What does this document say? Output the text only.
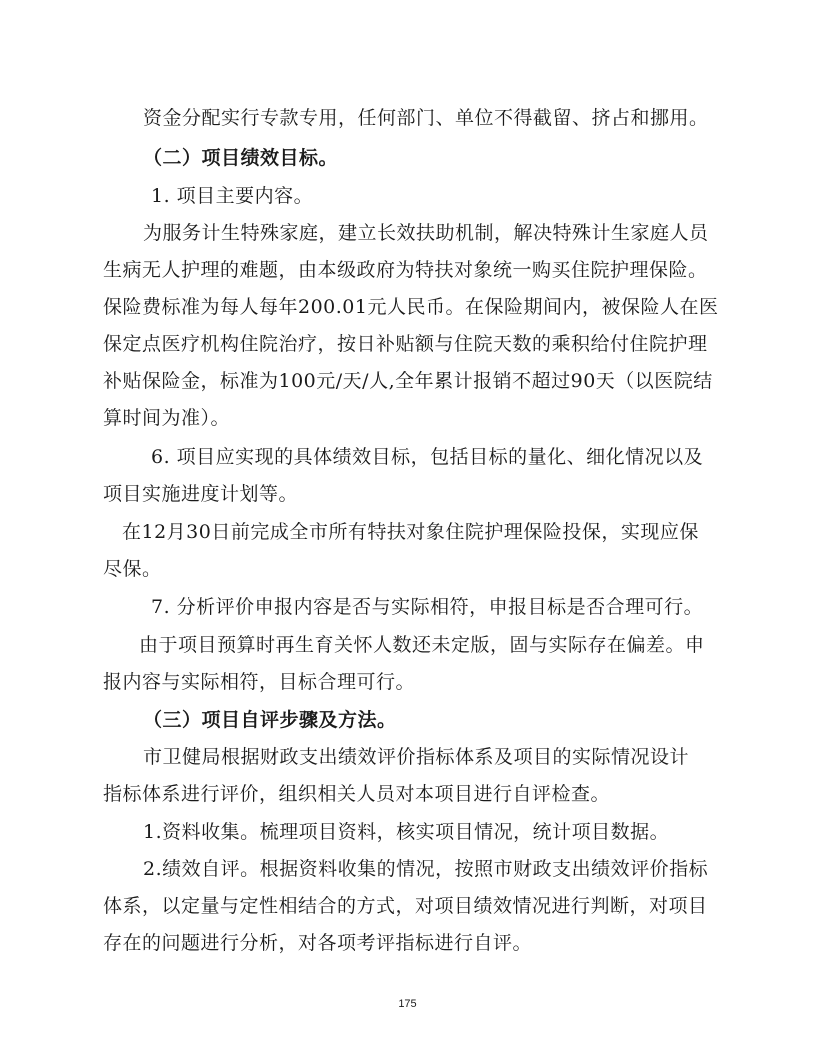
资金分配实行专款专用，任何部门、单位不得截留、挤占和挪用。
（二）项目绩效目标。
1. 项目主要内容。
为服务计生特殊家庭，建立长效扶助机制，解决特殊计生家庭人员
生病无人护理的难题，由本级政府为特扶对象统一购买住院护理保险。
保险费标准为每人每年200.01元人民币。在保险期间内，被保险人在医
保定点医疗机构住院治疗，按日补贴额与住院天数的乘积给付住院护理
补贴保险金，标准为100元/天/人,全年累计报销不超过90天（以医院结
算时间为准）。
6. 项目应实现的具体绩效目标，包括目标的量化、细化情况以及
项目实施进度计划等。
在12月30日前完成全市所有特扶对象住院护理保险投保，实现应保
尽保。
7. 分析评价申报内容是否与实际相符，申报目标是否合理可行。
由于项目预算时再生育关怀人数还未定版，固与实际存在偏差。申
报内容与实际相符，目标合理可行。
（三）项目自评步骤及方法。
市卫健局根据财政支出绩效评价指标体系及项目的实际情况设计
指标体系进行评价，组织相关人员对本项目进行自评检查。
1.资料收集。梳理项目资料，核实项目情况，统计项目数据。
2.绩效自评。根据资料收集的情况，按照市财政支出绩效评价指标
体系，以定量与定性相结合的方式，对项目绩效情况进行判断，对项目
存在的问题进行分析，对各项考评指标进行自评。
175
